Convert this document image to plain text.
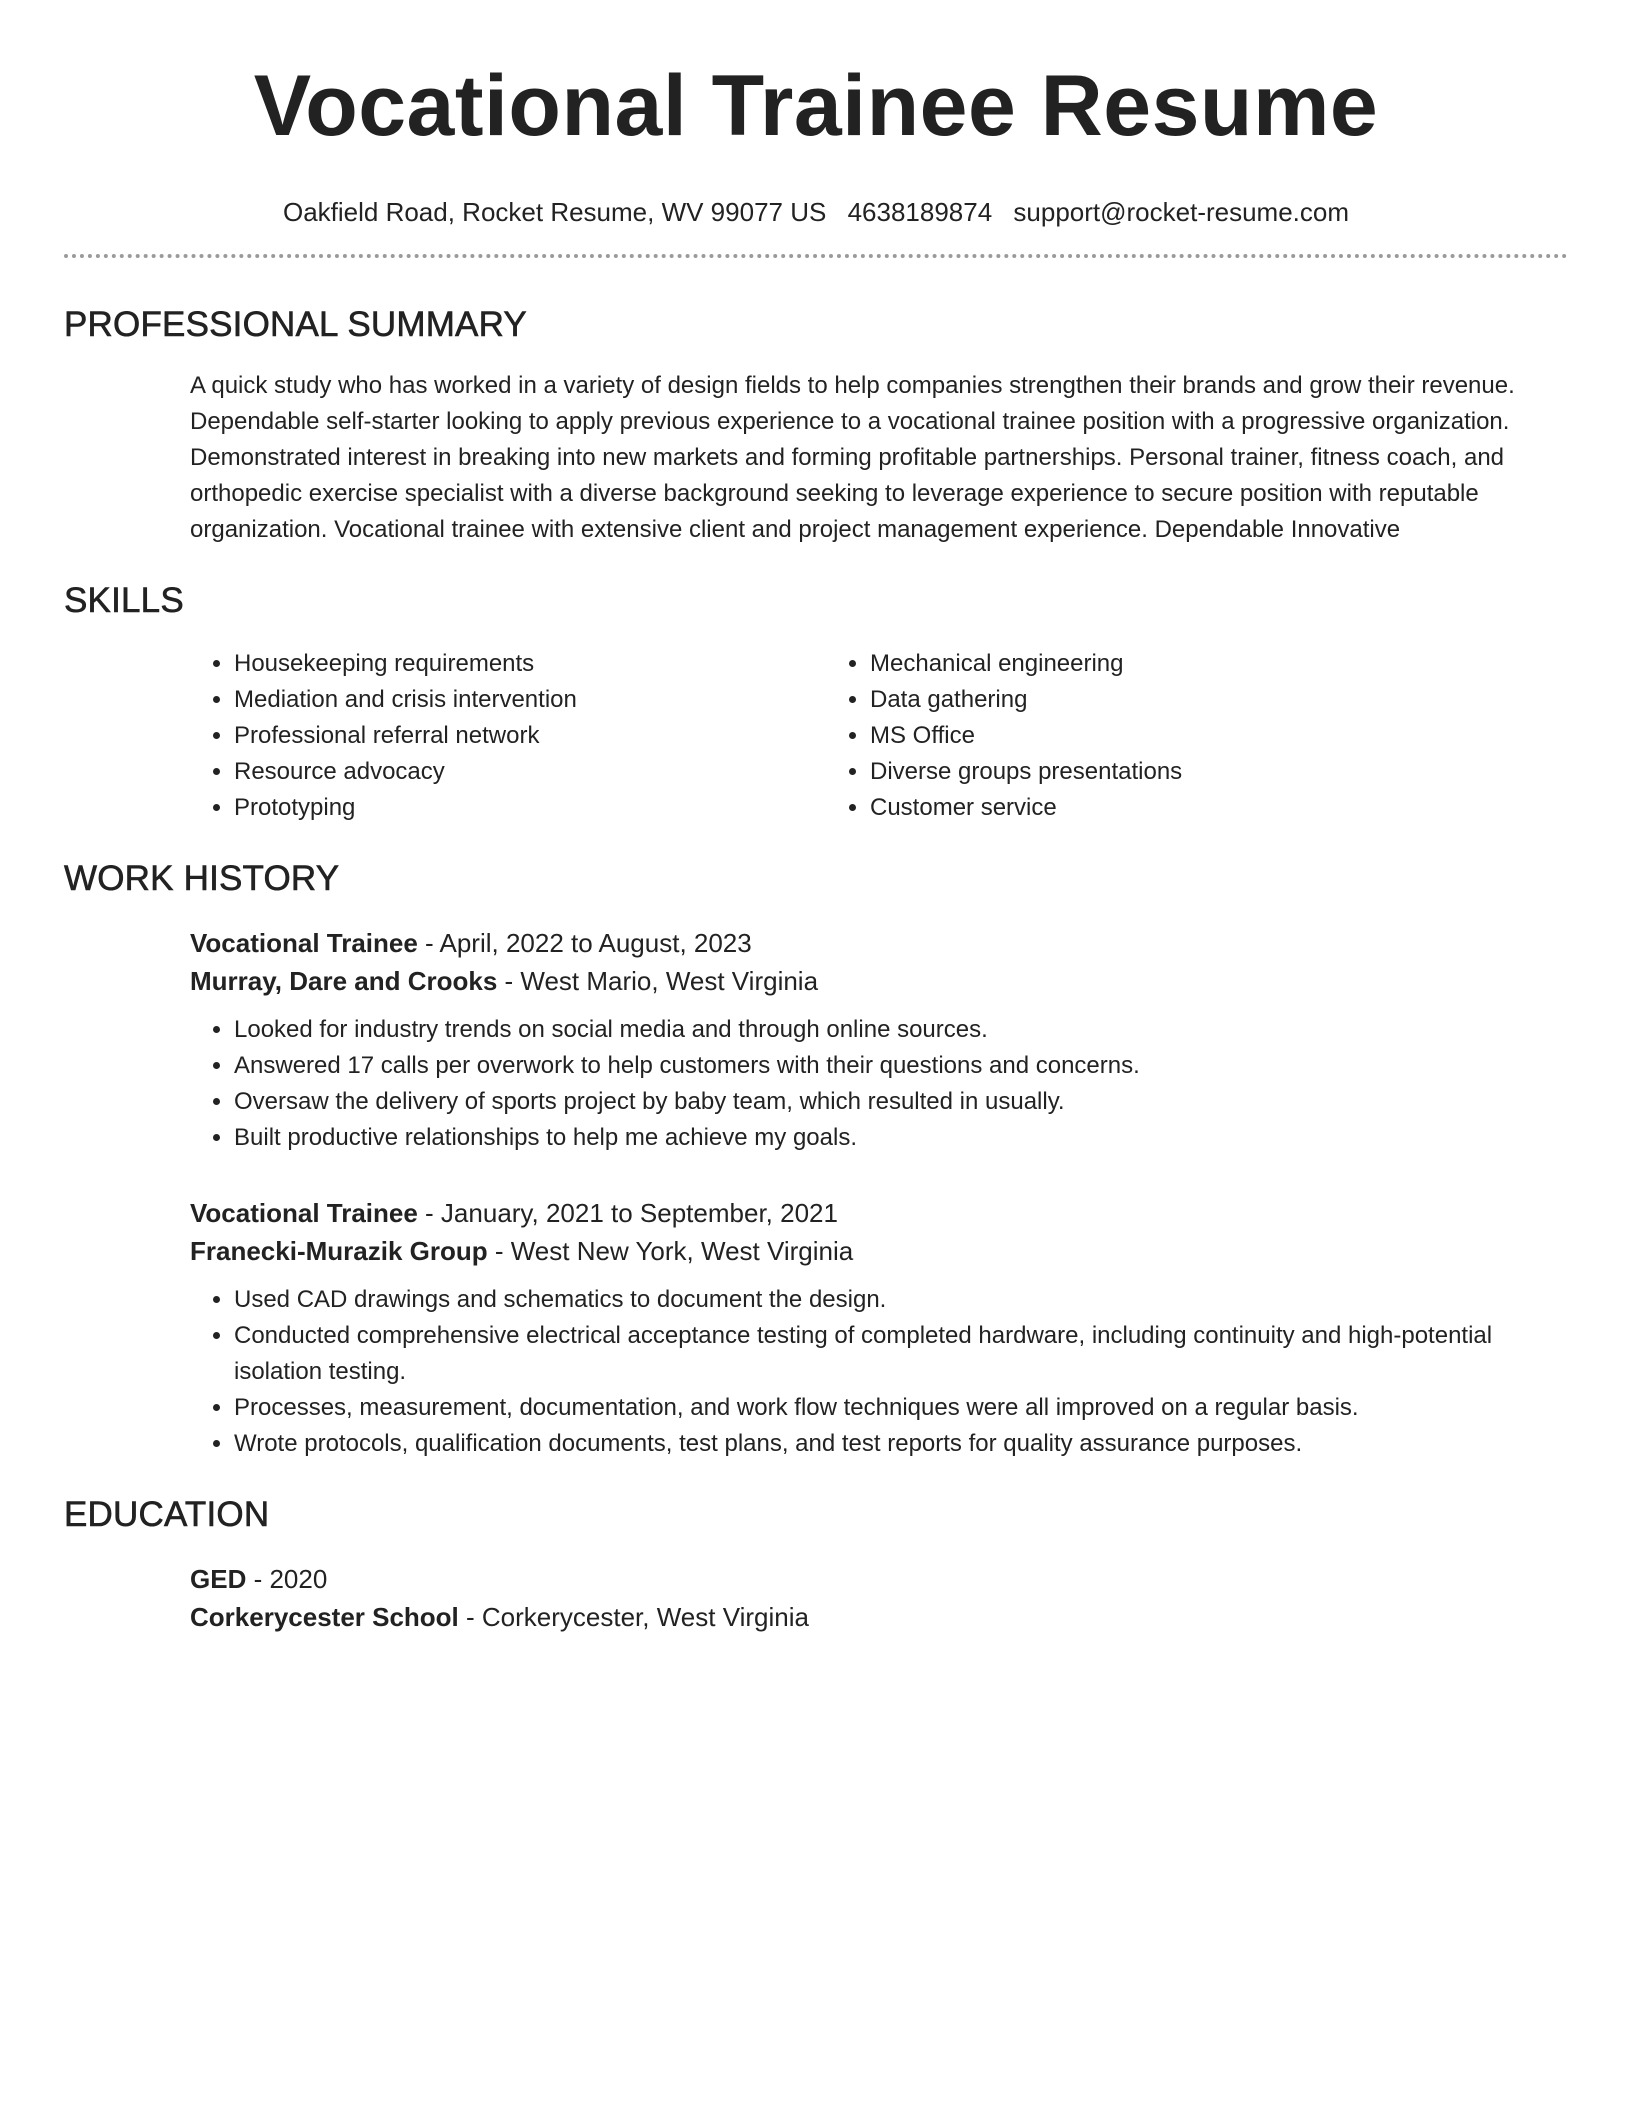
Vocational Trainee Resume
Oakfield Road, Rocket Resume, WV 99077 US 4638189874 support@rocket-resume.com
PROFESSIONAL SUMMARY
A quick study who has worked in a variety of design fields to help companies strengthen their brands and grow their revenue. Dependable self-starter looking to apply previous experience to a vocational trainee position with a progressive organization. Demonstrated interest in breaking into new markets and forming profitable partnerships. Personal trainer, fitness coach, and orthopedic exercise specialist with a diverse background seeking to leverage experience to secure position with reputable organization. Vocational trainee with extensive client and project management experience. Dependable Innovative
SKILLS
• Housekeeping requirements
• Mediation and crisis intervention
• Professional referral network
• Resource advocacy
• Prototyping
• Mechanical engineering
• Data gathering
• MS Office
• Diverse groups presentations
• Customer service
WORK HISTORY
Vocational Trainee - April, 2022 to August, 2023
Murray, Dare and Crooks - West Mario, West Virginia
• Looked for industry trends on social media and through online sources.
• Answered 17 calls per overwork to help customers with their questions and concerns.
• Oversaw the delivery of sports project by baby team, which resulted in usually.
• Built productive relationships to help me achieve my goals.
Vocational Trainee - January, 2021 to September, 2021
Franecki-Murazik Group - West New York, West Virginia
• Used CAD drawings and schematics to document the design.
• Conducted comprehensive electrical acceptance testing of completed hardware, including continuity and high-potential isolation testing.
• Processes, measurement, documentation, and work flow techniques were all improved on a regular basis.
• Wrote protocols, qualification documents, test plans, and test reports for quality assurance purposes.
EDUCATION
GED - 2020
Corkerycester School - Corkerycester, West Virginia
